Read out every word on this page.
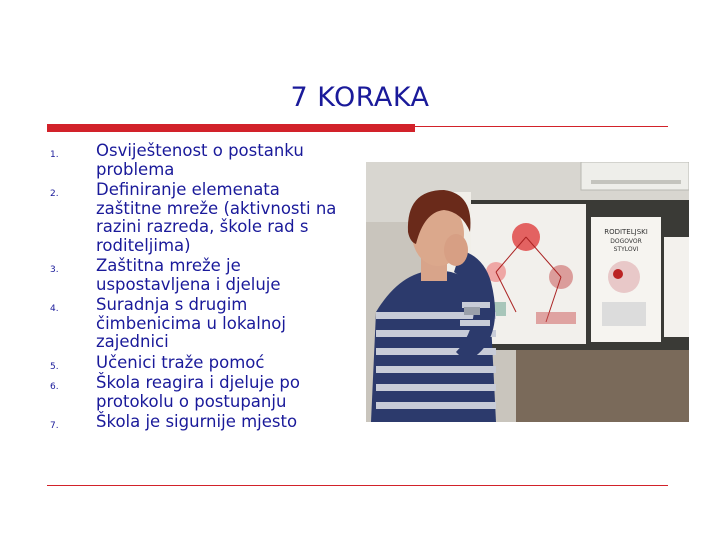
7 KORAKA
1. Osviještenost o postanku problema
2. Definiranje elemenata zaštitne mreže (aktivnosti na razini razreda, škole rad s roditeljima)
3. Zaštitna mreže je uspostavljena i djeluje
4. Suradnja s drugim čimbenicima u lokalnoj zajednici
5. Učenici traže pomoć
6. Škola reagira i djeluje po protokolu o postupanju
7. Škola je sigurnije mjesto
RODITELJSKI
DOGOVOR
STYLOVI
